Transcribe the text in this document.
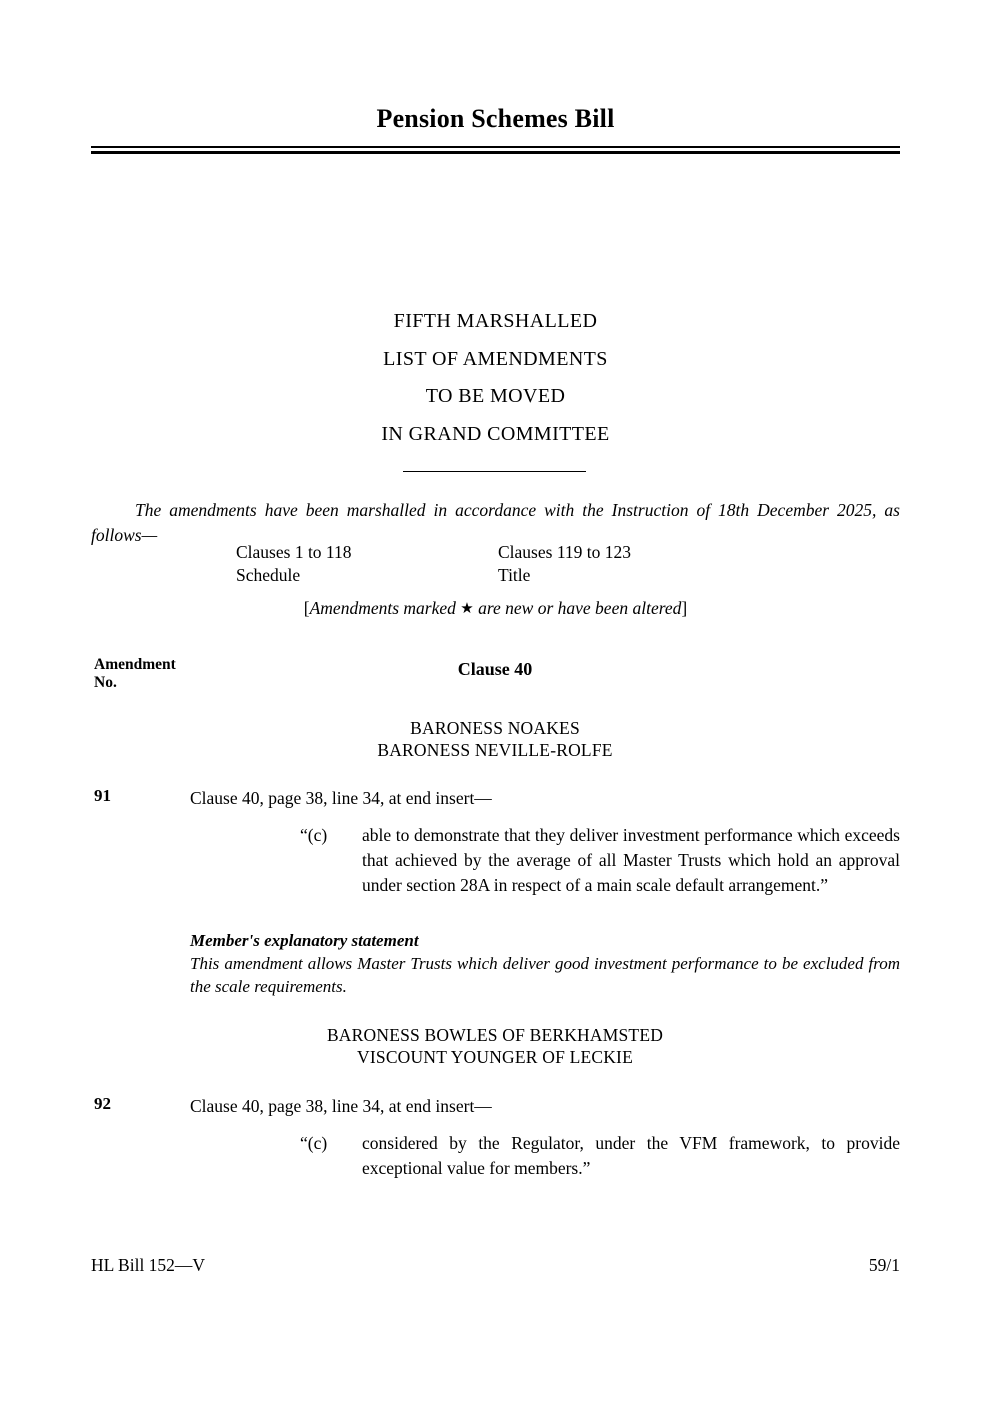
Pension Schemes Bill
FIFTH MARSHALLED
LIST OF AMENDMENTS
TO BE MOVED
IN GRAND COMMITTEE
The amendments have been marshalled in accordance with the Instruction of 18th December 2025, as follows—
Clauses 1 to 118	Clauses 119 to 123
Schedule	Title
[Amendments marked ★ are new or have been altered]
Amendment
No.
Clause 40
BARONESS NOAKES
BARONESS NEVILLE-ROLFE
91	Clause 40, page 38, line 34, at end insert—
“(c)	able to demonstrate that they deliver investment performance which exceeds that achieved by the average of all Master Trusts which hold an approval under section 28A in respect of a main scale default arrangement.”
Member's explanatory statement
This amendment allows Master Trusts which deliver good investment performance to be excluded from the scale requirements.
BARONESS BOWLES OF BERKHAMSTED
VISCOUNT YOUNGER OF LECKIE
92	Clause 40, page 38, line 34, at end insert—
“(c)	considered by the Regulator, under the VFM framework, to provide exceptional value for members.”
HL Bill 152—V	59/1
